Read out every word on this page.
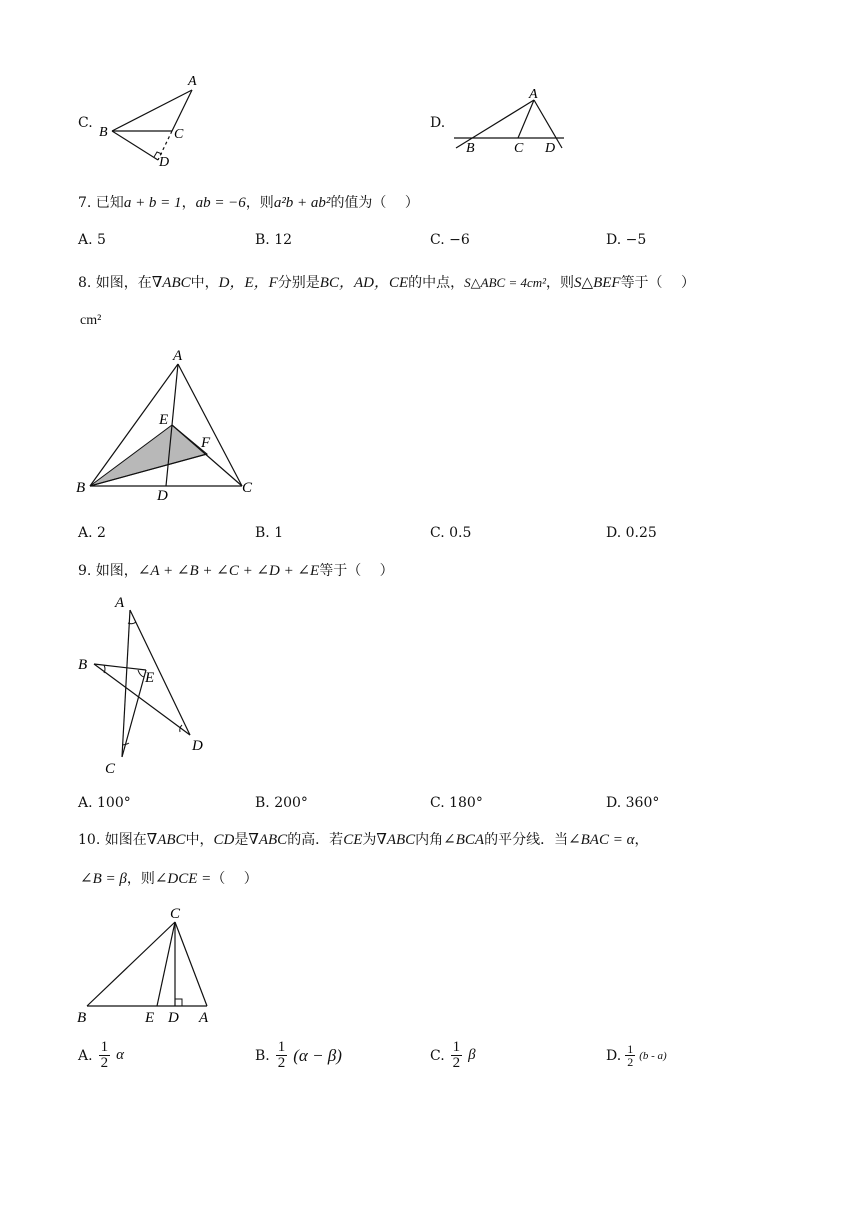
C.
A
B	C
D
D.
A
B	C D
7. 已知a + b = 1，ab = −6，则a²b + ab²的值为（　 ）
A. 5	B. 12	C. −6	D. −5
8. 如图，在∇ABC中，D，E，F分别是BC，AD，CE的中点，S△ABC = 4cm²，则S△BEF等于（　 ）
cm²
A
B	C
D
E
F
A. 2	B. 1	C. 0.5	D. 0.25
9. 如图，∠A + ∠B + ∠C + ∠D + ∠E等于（　 ）
A
B
C
D
E
A. 100°	B. 200°	C. 180°	D. 360°
10. 如图在∇ABC中，CD是∇ABC的高．若CE为∇ABC内角∠BCA的平分线．当∠BAC = α，
∠B = β，则∠DCE =（　 ）
C
B	E D A
A. $\frac{1}{2}$ α	B. $\frac{1}{2} (\alpha - \beta)$	C. $\frac{1}{2}$ β	D. $\frac{1}{2} (b - a)$
